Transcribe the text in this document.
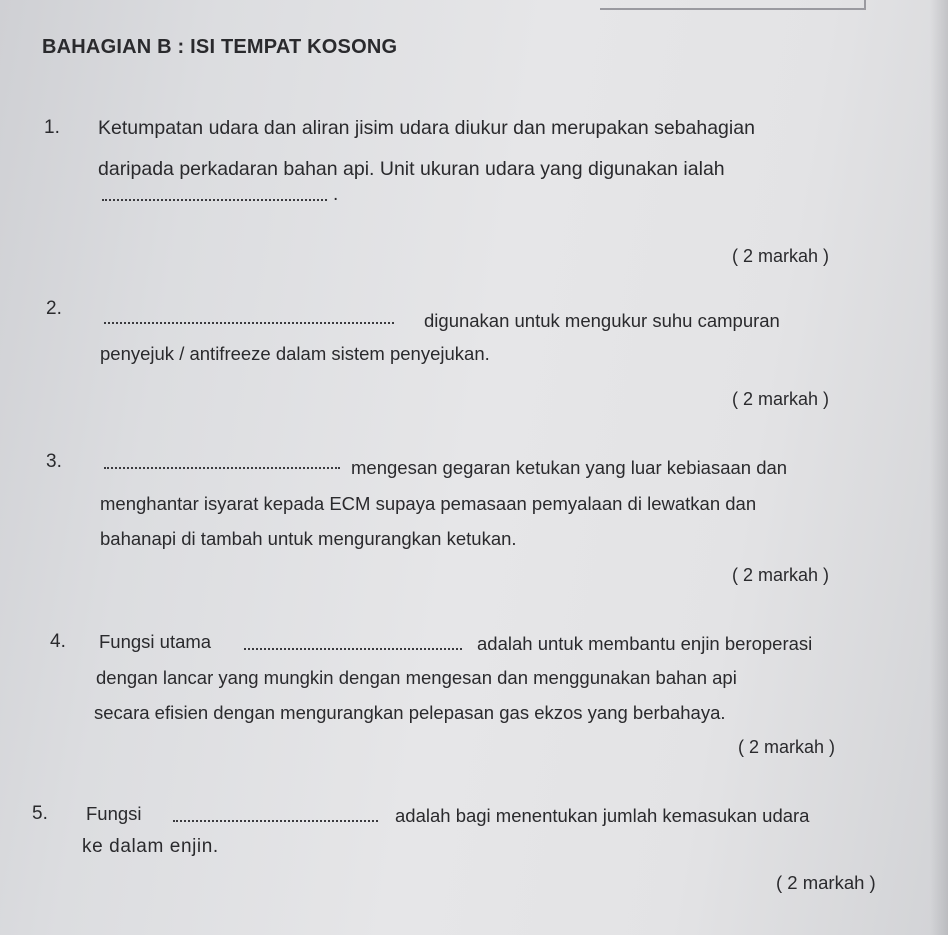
BAHAGIAN B : ISI TEMPAT KOSONG
1. Ketumpatan udara dan aliran jisim udara diukur dan merupakan sebahagian
daripada perkadaran bahan api. Unit ukuran udara yang digunakan ialah
.
( 2 markah )
2.
digunakan untuk mengukur suhu campuran
penyejuk / antifreeze dalam sistem penyejukan.
( 2 markah )
3.	mengesan gegaran ketukan yang luar kebiasaan dan
menghantar isyarat kepada ECM supaya pemasaan pemyalaan di lewatkan dan
bahanapi di tambah untuk mengurangkan ketukan.
( 2 markah )
4. Fungsi utama	adalah untuk membantu enjin beroperasi
dengan lancar yang mungkin dengan mengesan dan menggunakan bahan api
secara efisien dengan mengurangkan pelepasan gas ekzos yang berbahaya.
( 2 markah )
5. Fungsi	adalah bagi menentukan jumlah kemasukan udara
ke dalam enjin.
( 2 markah )
